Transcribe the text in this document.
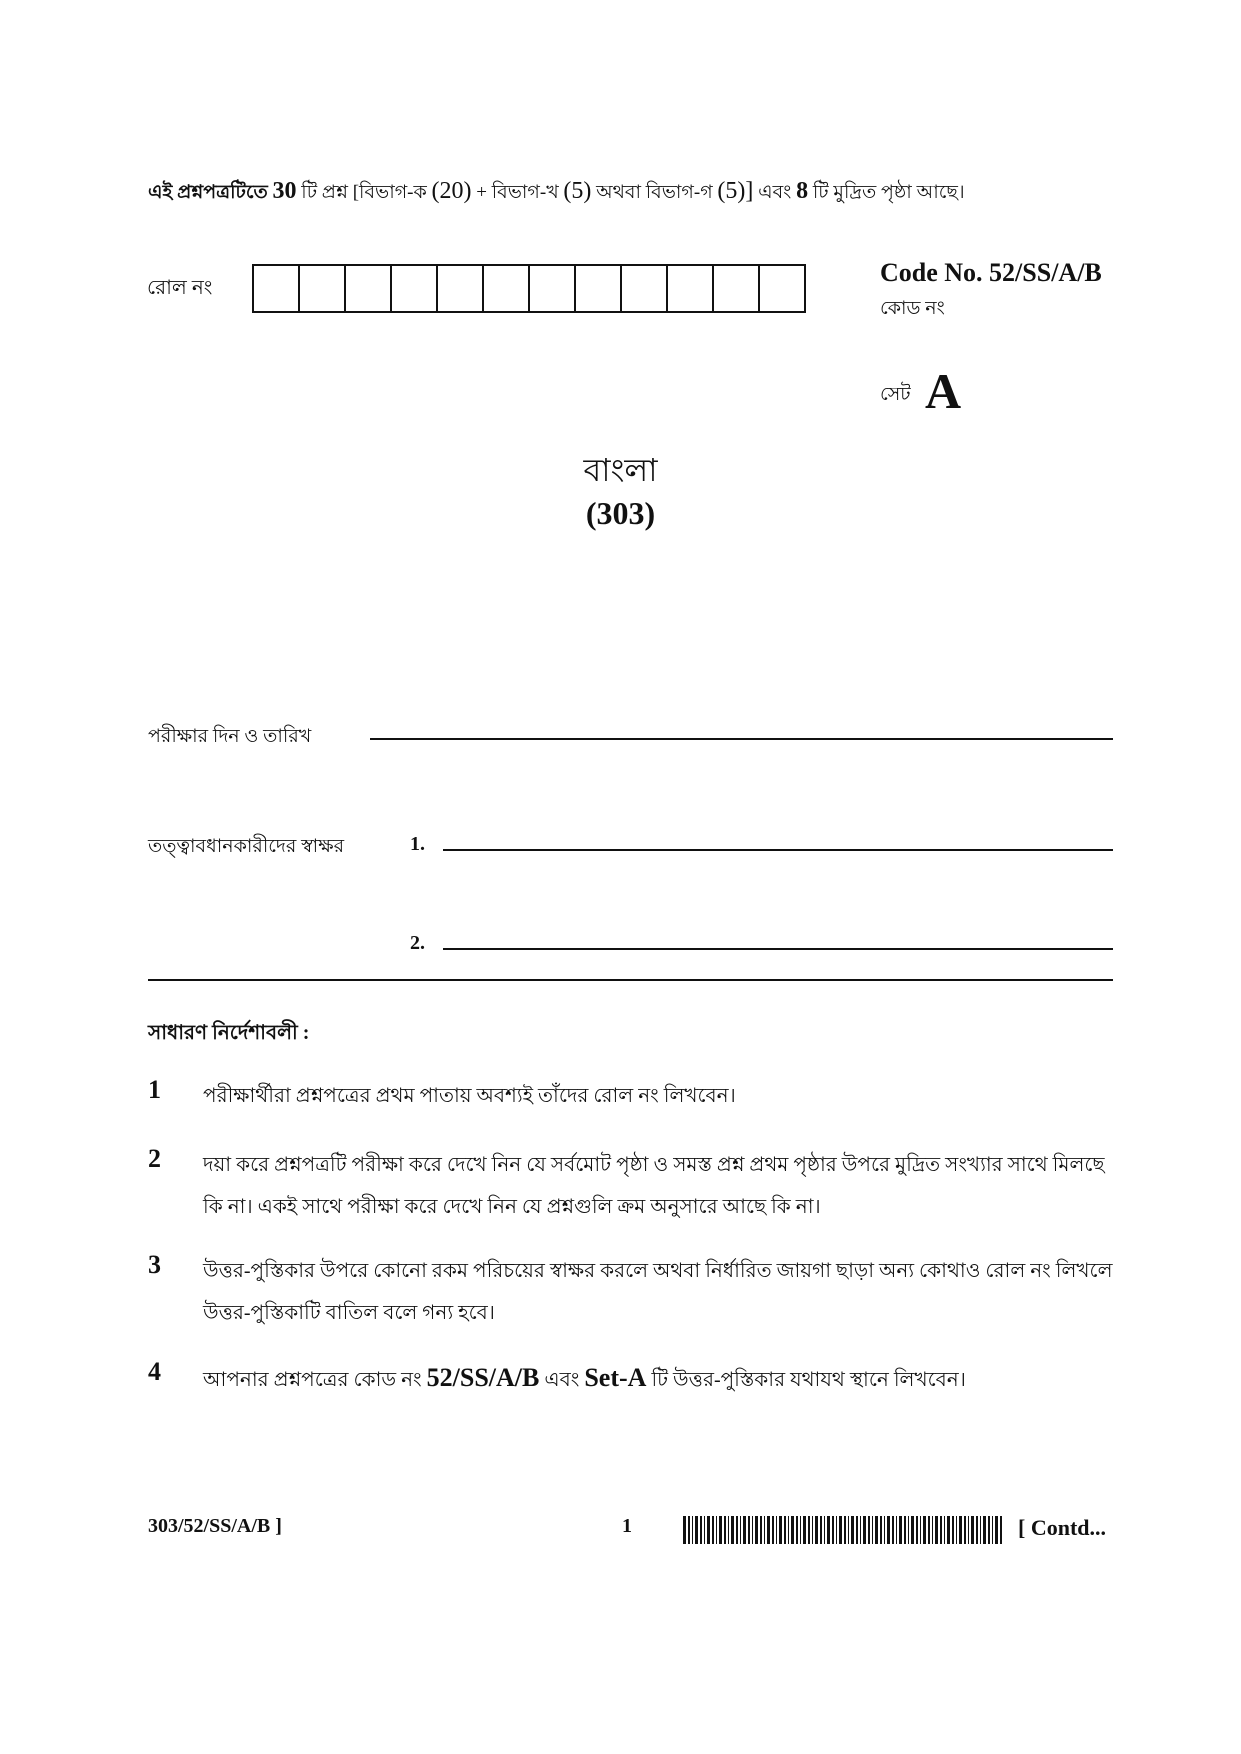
এই প্রশ্নপত্রটিতে 30 টি প্রশ্ন [বিভাগ-ক (20) + বিভাগ-খ (5) অথবা বিভাগ-গ (5)] এবং 8 টি মুদ্রিত পৃষ্ঠা আছে।
রোল নং
Code No. 52/SS/A/B
কোড নং
সেট A
বাংলা
(303)
পরীক্ষার দিন ও তারিখ
তত্ত্বাবধানকারীদের স্বাক্ষর	1.
2.
সাধারণ নির্দেশাবলী :
1	পরীক্ষার্থীরা প্রশ্নপত্রের প্রথম পাতায় অবশ্যই তাঁদের রোল নং লিখবেন।
2	দয়া করে প্রশ্নপত্রটি পরীক্ষা করে দেখে নিন যে সর্বমোট পৃষ্ঠা ও সমস্ত প্রশ্ন প্রথম পৃষ্ঠার উপরে মুদ্রিত সংখ্যার সাথে মিলছে কি না। একই সাথে পরীক্ষা করে দেখে নিন যে প্রশ্নগুলি ক্রম অনুসারে আছে কি না।
3	উত্তর-পুস্তিকার উপরে কোনো রকম পরিচয়ের স্বাক্ষর করলে অথবা নির্ধারিত জায়গা ছাড়া অন্য কোথাও রোল নং লিখলে উত্তর-পুস্তিকাটি বাতিল বলে গন্য হবে।
4	আপনার প্রশ্নপত্রের কোড নং 52/SS/A/B এবং Set-A টি উত্তর-পুস্তিকার যথাযথ স্থানে লিখবেন।
303/52/SS/A/B ]	1	[ Contd...
